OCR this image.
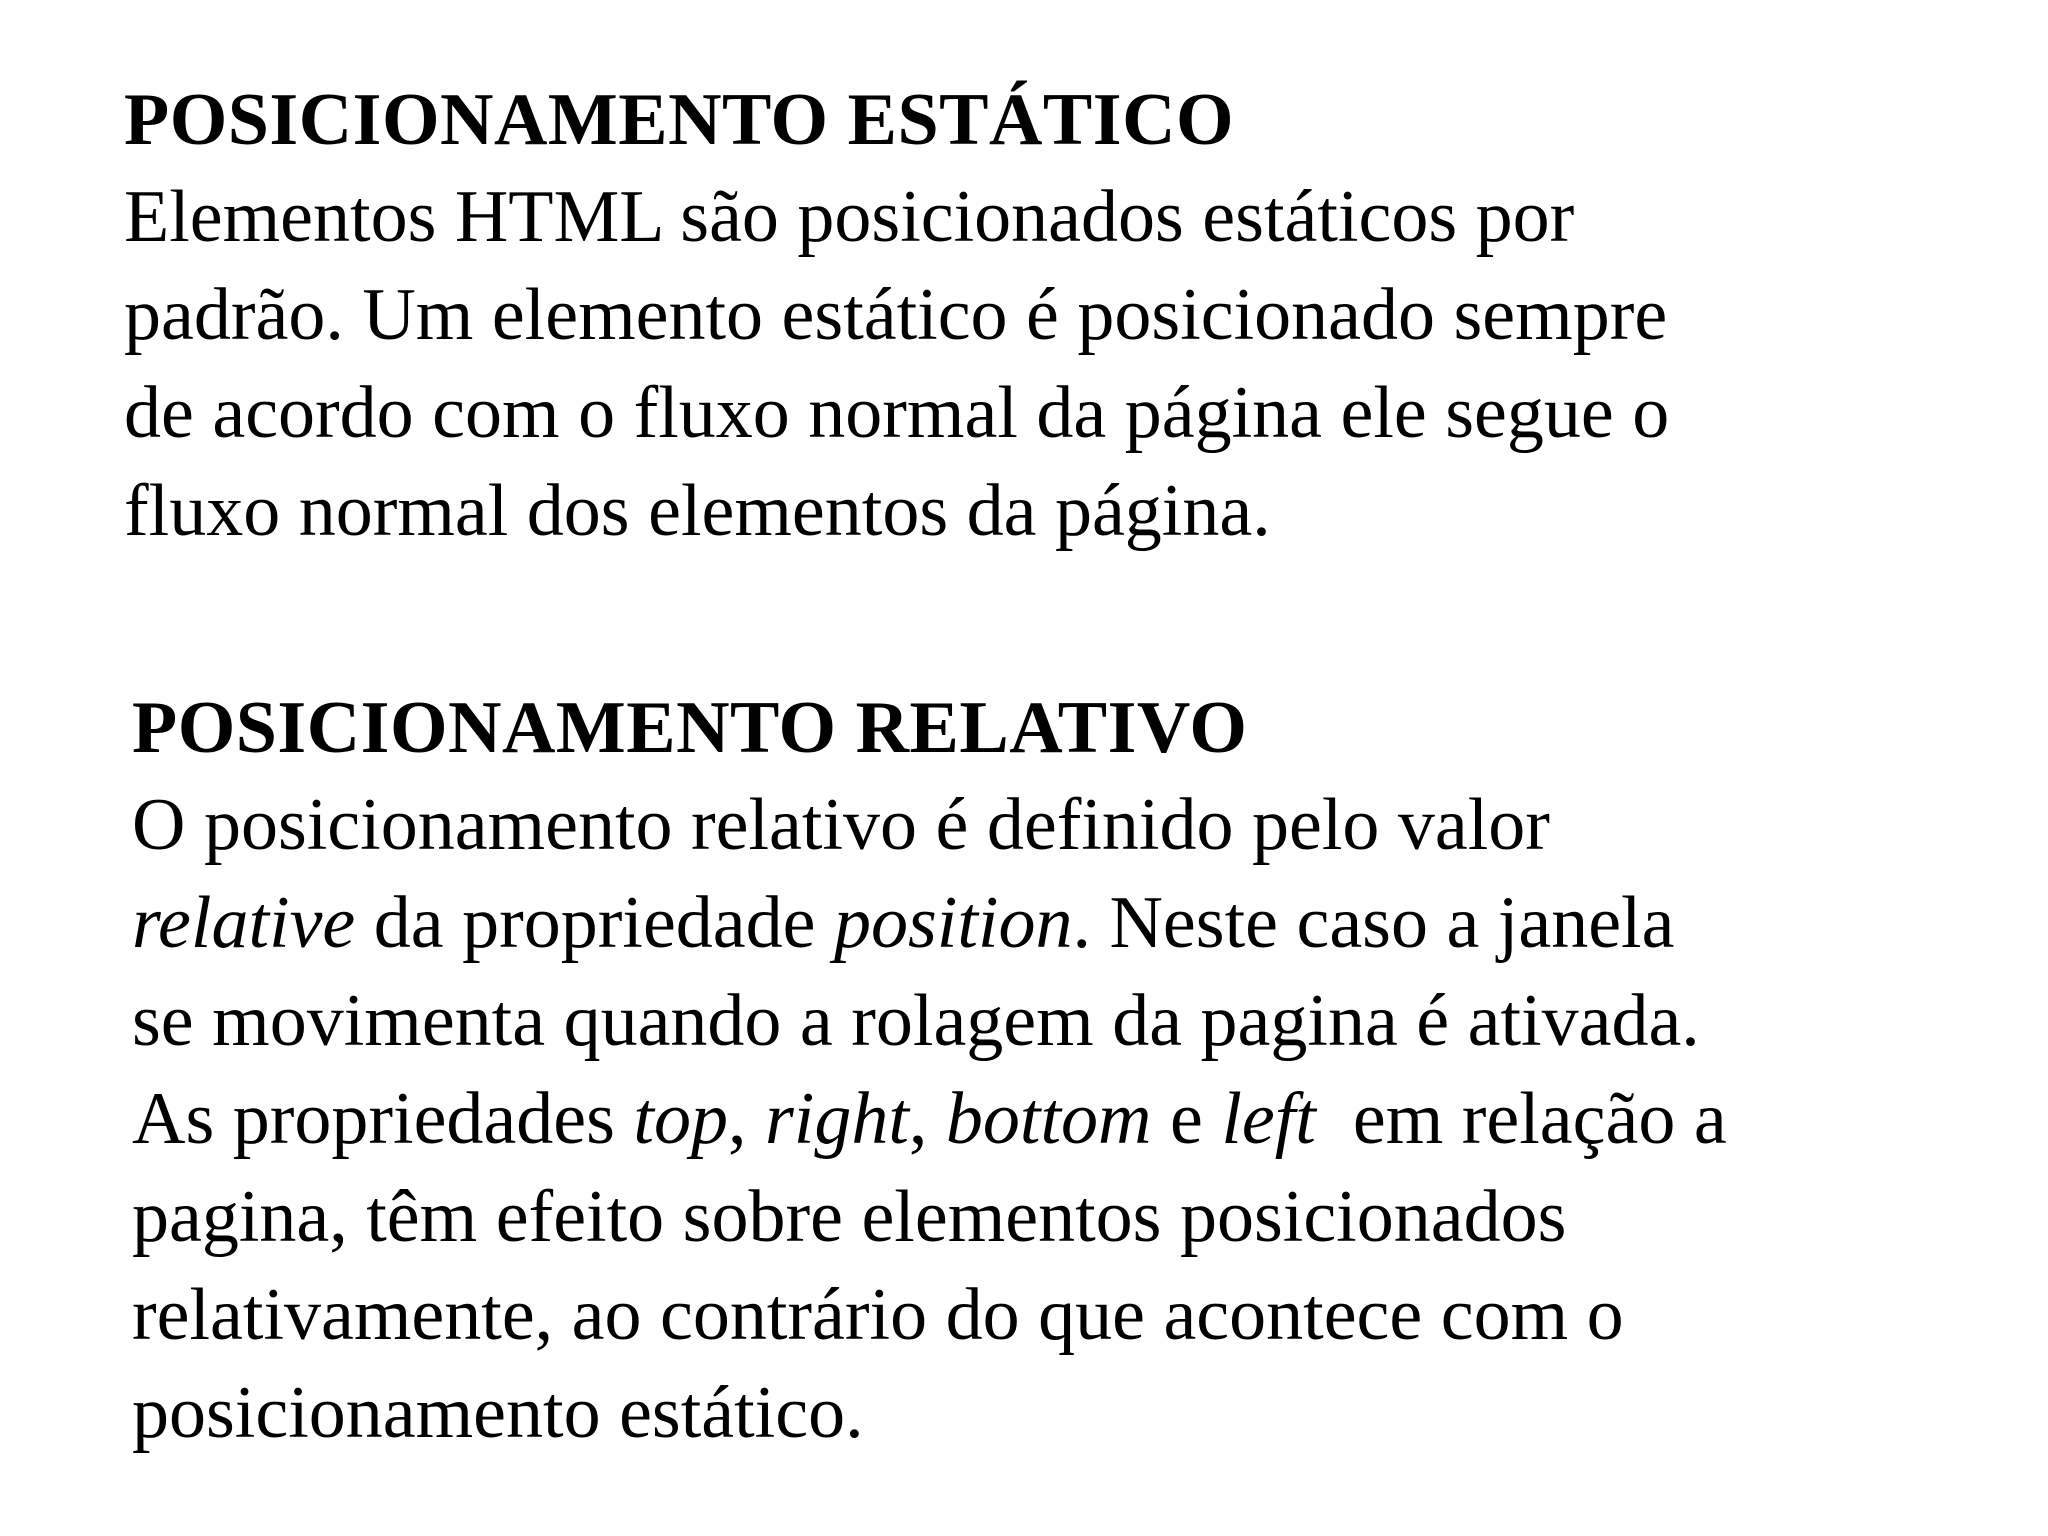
POSICIONAMENTO ESTÁTICO

Elementos HTML são posicionados estáticos por

padrão. Um elemento estático é posicionado sempre

de acordo com o fluxo normal da página ele segue o

fluxo normal dos elementos da página.

POSICIONAMENTO RELATIVO

O posicionamento relativo é definido pelo valor

relative da propriedade position. Neste caso a janela

se movimenta quando a rolagem da pagina é ativada.

As propriedades top, right, bottom e left  em relação a

pagina, têm efeito sobre elementos posicionados

relativamente, ao contrário do que acontece com o

posicionamento estático.
